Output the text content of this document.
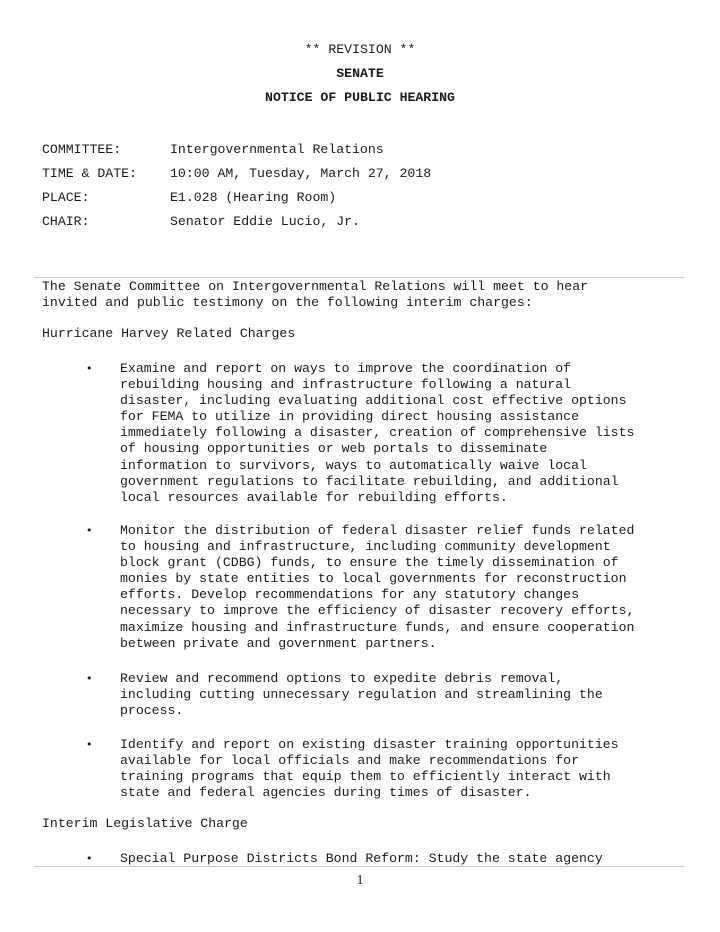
** REVISION **
SENATE
NOTICE OF PUBLIC HEARING
COMMITTEE:	Intergovernmental Relations
TIME & DATE:	10:00 AM, Tuesday, March 27, 2018
PLACE:	E1.028 (Hearing Room)
CHAIR:	Senator Eddie Lucio, Jr.
The Senate Committee on Intergovernmental Relations will meet to hear
invited and public testimony on the following interim charges:
Hurricane Harvey Related Charges
• Examine and report on ways to improve the coordination of
rebuilding housing and infrastructure following a natural
disaster, including evaluating additional cost effective options
for FEMA to utilize in providing direct housing assistance
immediately following a disaster, creation of comprehensive lists
of housing opportunities or web portals to disseminate
information to survivors, ways to automatically waive local
government regulations to facilitate rebuilding, and additional
local resources available for rebuilding efforts.
• Monitor the distribution of federal disaster relief funds related
to housing and infrastructure, including community development
block grant (CDBG) funds, to ensure the timely dissemination of
monies by state entities to local governments for reconstruction
efforts. Develop recommendations for any statutory changes
necessary to improve the efficiency of disaster recovery efforts,
maximize housing and infrastructure funds, and ensure cooperation
between private and government partners.
• Review and recommend options to expedite debris removal,
including cutting unnecessary regulation and streamlining the
process.
• Identify and report on existing disaster training opportunities
available for local officials and make recommendations for
training programs that equip them to efficiently interact with
state and federal agencies during times of disaster.
Interim Legislative Charge
• Special Purpose Districts Bond Reform: Study the state agency
1
